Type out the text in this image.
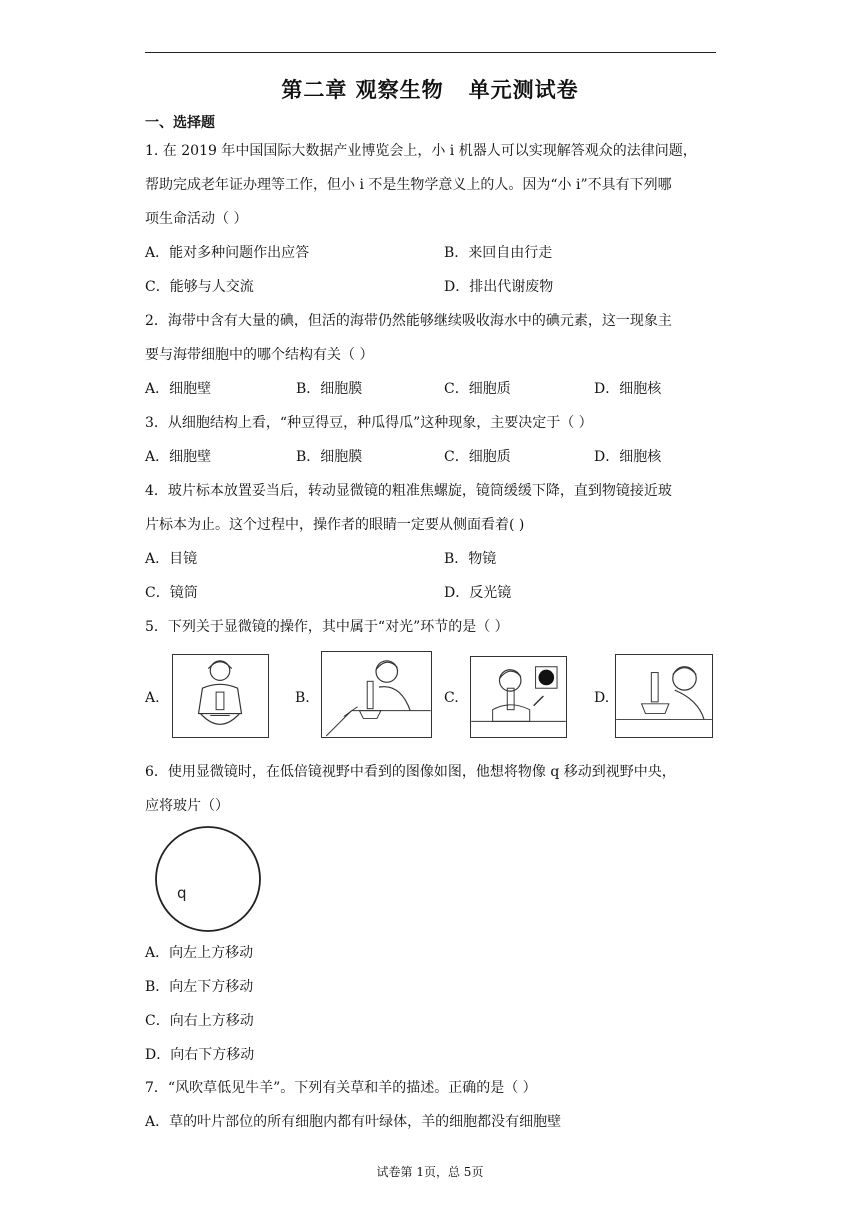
第二章 观察生物   单元测试卷
一、选择题
1. 在 2019 年中国国际大数据产业博览会上，小 i 机器人可以实现解答观众的法律问题，
帮助完成老年证办理等工作，但小 i 不是生物学意义上的人。因为“小 i”不具有下列哪
项生命活动（ ）
A．能对多种问题作出应答	B．来回自由行走
C．能够与人交流	D．排出代谢废物
2．海带中含有大量的碘，但活的海带仍然能够继续吸收海水中的碘元素，这一现象主
要与海带细胞中的哪个结构有关（ ）
A．细胞壁	B．细胞膜	C．细胞质	D．细胞核
3．从细胞结构上看，“种豆得豆，种瓜得瓜”这种现象，主要决定于（ ）
A．细胞壁	B．细胞膜	C．细胞质	D．细胞核
4．玻片标本放置妥当后，转动显微镜的粗准焦螺旋，镜筒缓缓下降，直到物镜接近玻
片标本为止。这个过程中，操作者的眼睛一定要从侧面看着( )
A．目镜	B．物镜
C．镜筒	D．反光镜
5．下列关于显微镜的操作，其中属于“对光”环节的是（ ）
A.	B.	C.	D.
6．使用显微镜时，在低倍镜视野中看到的图像如图，他想将物像 q 移动到视野中央，
应将玻片（）
q
A．向左上方移动
B．向左下方移动
C．向右上方移动
D．向右下方移动
7．“风吹草低见牛羊”。下列有关草和羊的描述。正确的是（ ）
A．草的叶片部位的所有细胞内都有叶绿体，羊的细胞都没有细胞壁
试卷第 1页，总 5页
